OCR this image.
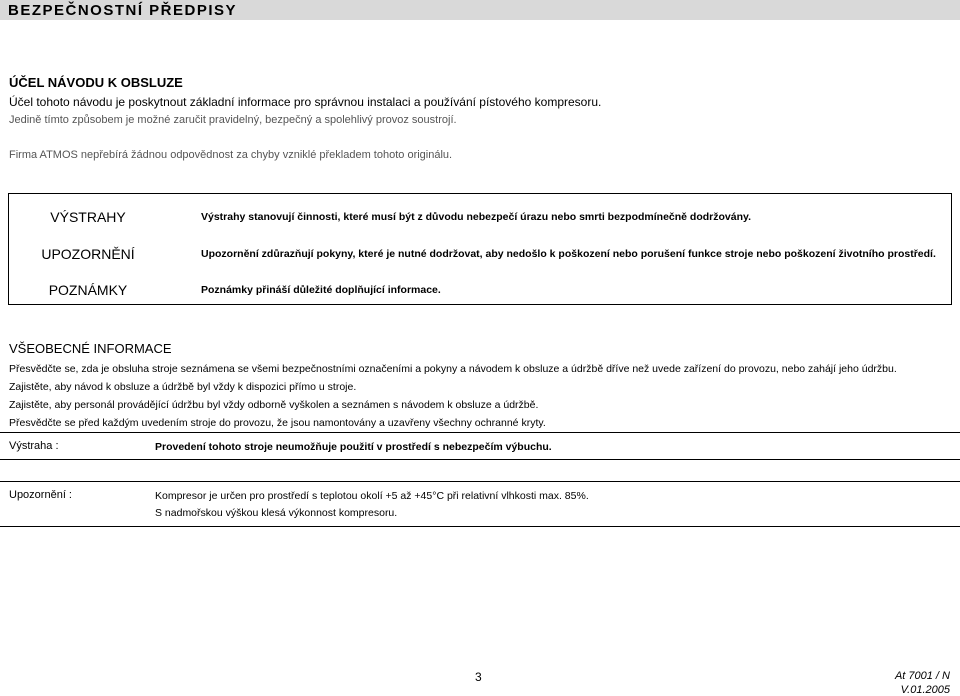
BEZPEČNOSTNÍ PŘEDPISY
ÚČEL NÁVODU K OBSLUZE
Účel tohoto návodu je poskytnout základní informace pro správnou instalaci a používání pístového kompresoru.
Jedině tímto způsobem je možné zaručit pravidelný, bezpečný a spolehlivý provoz soustrojí.
Firma ATMOS nepřebírá žádnou odpovědnost za chyby vzniklé překladem tohoto originálu.
VÝSTRAHY	Výstrahy stanovují činnosti, které musí být z důvodu nebezpečí úrazu nebo smrti bezpodmínečně dodržovány.
UPOZORNĚNÍ	Upozornění zdůrazňují pokyny, které je nutné dodržovat, aby nedošlo k poškození nebo porušení funkce stroje nebo poškození životního prostředí.
POZNÁMKY	Poznámky přináší důležité doplňující informace.
VŠEOBECNÉ INFORMACE
Přesvědčte se, zda je obsluha stroje seznámena se všemi bezpečnostními označeními a pokyny a návodem k obsluze a údržbě dříve než uvede zařízení do provozu, nebo zahájí jeho údržbu.
Zajistěte, aby návod k obsluze a údržbě byl vždy k dispozici přímo u stroje.
Zajistěte, aby personál provádějící údržbu byl vždy odborně vyškolen a seznámen s návodem k obsluze a údržbě.
Přesvědčte se před každým uvedením stroje do provozu, že jsou namontovány a uzavřeny všechny ochranné kryty.
Výstraha :	Provedení tohoto stroje neumožňuje použití v prostředí s nebezpečím výbuchu.
Upozornění :	Kompresor je určen pro prostředí s teplotou okolí +5 až +45°C při relativní vlhkosti max. 85%.
S nadmořskou výškou klesá výkonnost kompresoru.
3	At 7001 / N
V.01.2005
